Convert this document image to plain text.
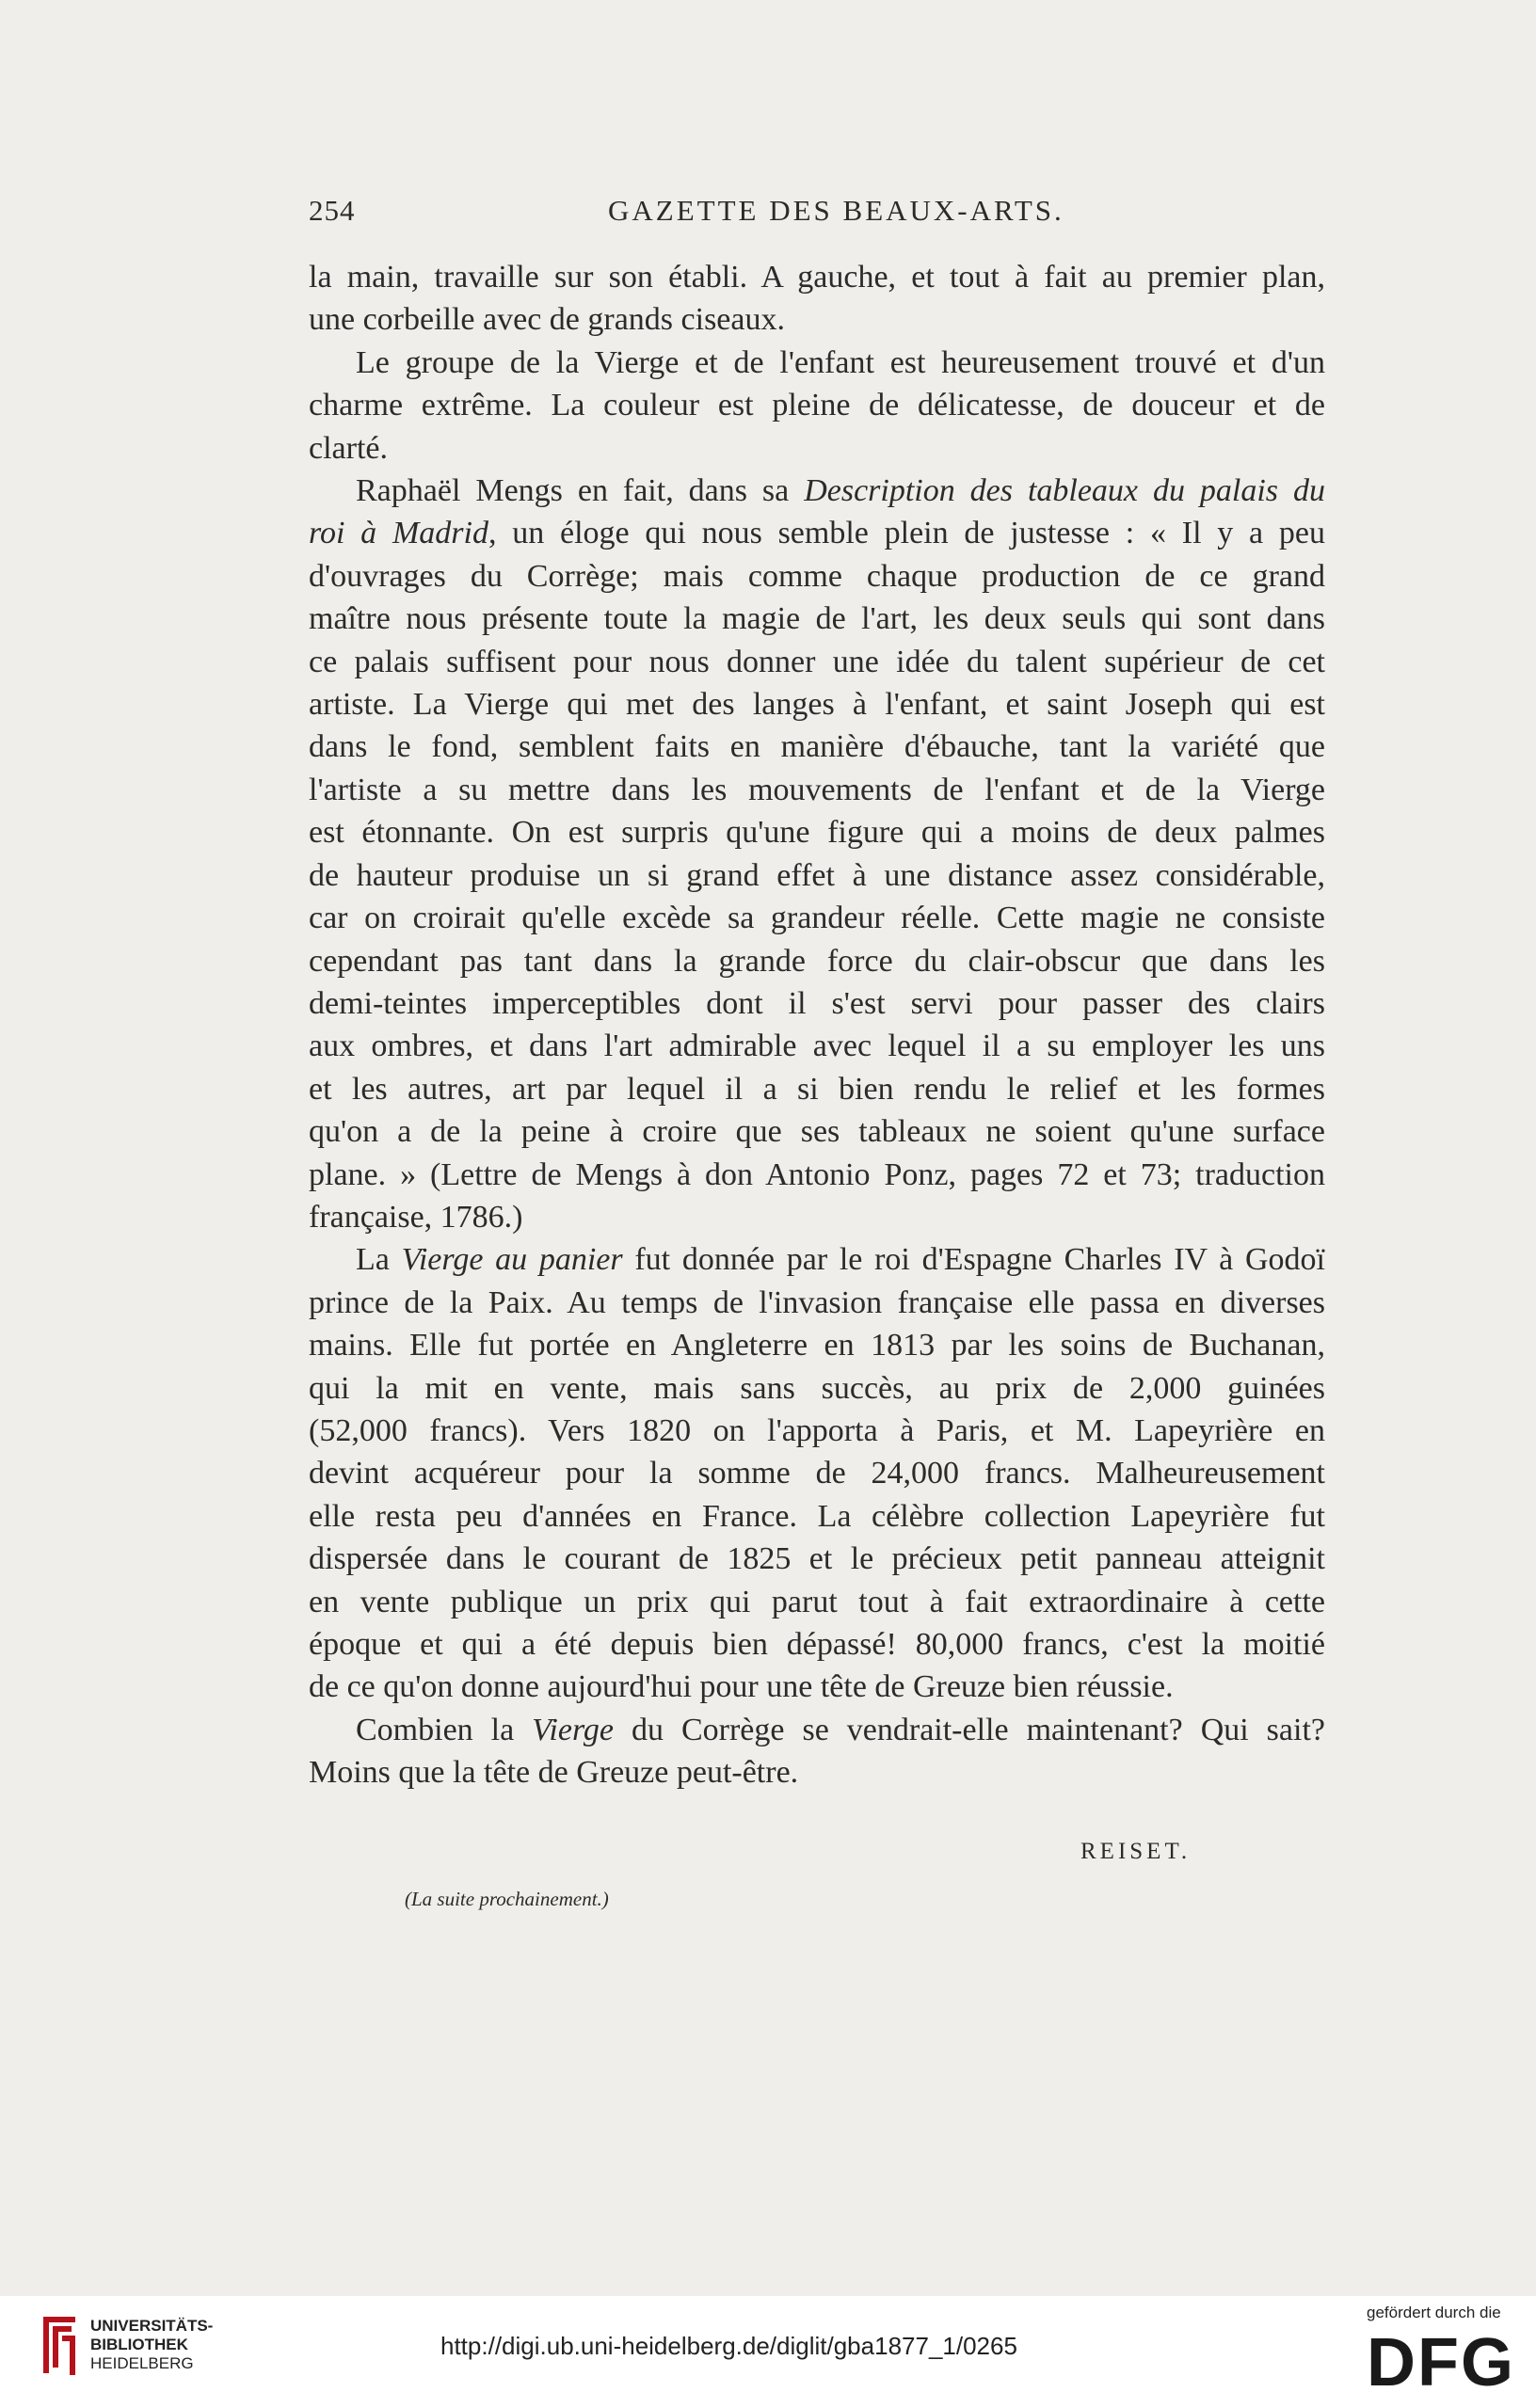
254	GAZETTE DES BEAUX-ARTS.
la main, travaille sur son établi. A gauche, et tout à fait au premier plan,
une corbeille avec de grands ciseaux.
Le groupe de la Vierge et de l'enfant est heureusement trouvé et d'un
charme extrême. La couleur est pleine de délicatesse, de douceur et de
clarté.
Raphaël Mengs en fait, dans sa Description des tableaux du palais du
roi à Madrid, un éloge qui nous semble plein de justesse : « Il y a peu
d'ouvrages du Corrège; mais comme chaque production de ce grand
maître nous présente toute la magie de l'art, les deux seuls qui sont dans
ce palais suffisent pour nous donner une idée du talent supérieur de cet
artiste. La Vierge qui met des langes à l'enfant, et saint Joseph qui est
dans le fond, semblent faits en manière d'ébauche, tant la variété que
l'artiste a su mettre dans les mouvements de l'enfant et de la Vierge
est étonnante. On est surpris qu'une figure qui a moins de deux palmes
de hauteur produise un si grand effet à une distance assez considérable,
car on croirait qu'elle excède sa grandeur réelle. Cette magie ne consiste
cependant pas tant dans la grande force du clair-obscur que dans les
demi-teintes imperceptibles dont il s'est servi pour passer des clairs
aux ombres, et dans l'art admirable avec lequel il a su employer les uns
et les autres, art par lequel il a si bien rendu le relief et les formes
qu'on a de la peine à croire que ses tableaux ne soient qu'une surface
plane. » (Lettre de Mengs à don Antonio Ponz, pages 72 et 73; traduction
française, 1786.)
La Vierge au panier fut donnée par le roi d'Espagne Charles IV à Godoï
prince de la Paix. Au temps de l'invasion française elle passa en diverses
mains. Elle fut portée en Angleterre en 1813 par les soins de Buchanan,
qui la mit en vente, mais sans succès, au prix de 2,000 guinées
(52,000 francs). Vers 1820 on l'apporta à Paris, et M. Lapeyrière en
devint acquéreur pour la somme de 24,000 francs. Malheureusement
elle resta peu d'années en France. La célèbre collection Lapeyrière fut
dispersée dans le courant de 1825 et le précieux petit panneau atteignit
en vente publique un prix qui parut tout à fait extraordinaire à cette
époque et qui a été depuis bien dépassé! 80,000 francs, c'est la moitié
de ce qu'on donne aujourd'hui pour une tête de Greuze bien réussie.
Combien la Vierge du Corrège se vendrait-elle maintenant? Qui sait?
Moins que la tête de Greuze peut-être.
REISET.
(La suite prochainement.)
UNIVERSITÄTS-
BIBLIOTHEK
HEIDELBERG
http://digi.ub.uni-heidelberg.de/diglit/gba1877_1/0265
gefördert durch die
DFG
